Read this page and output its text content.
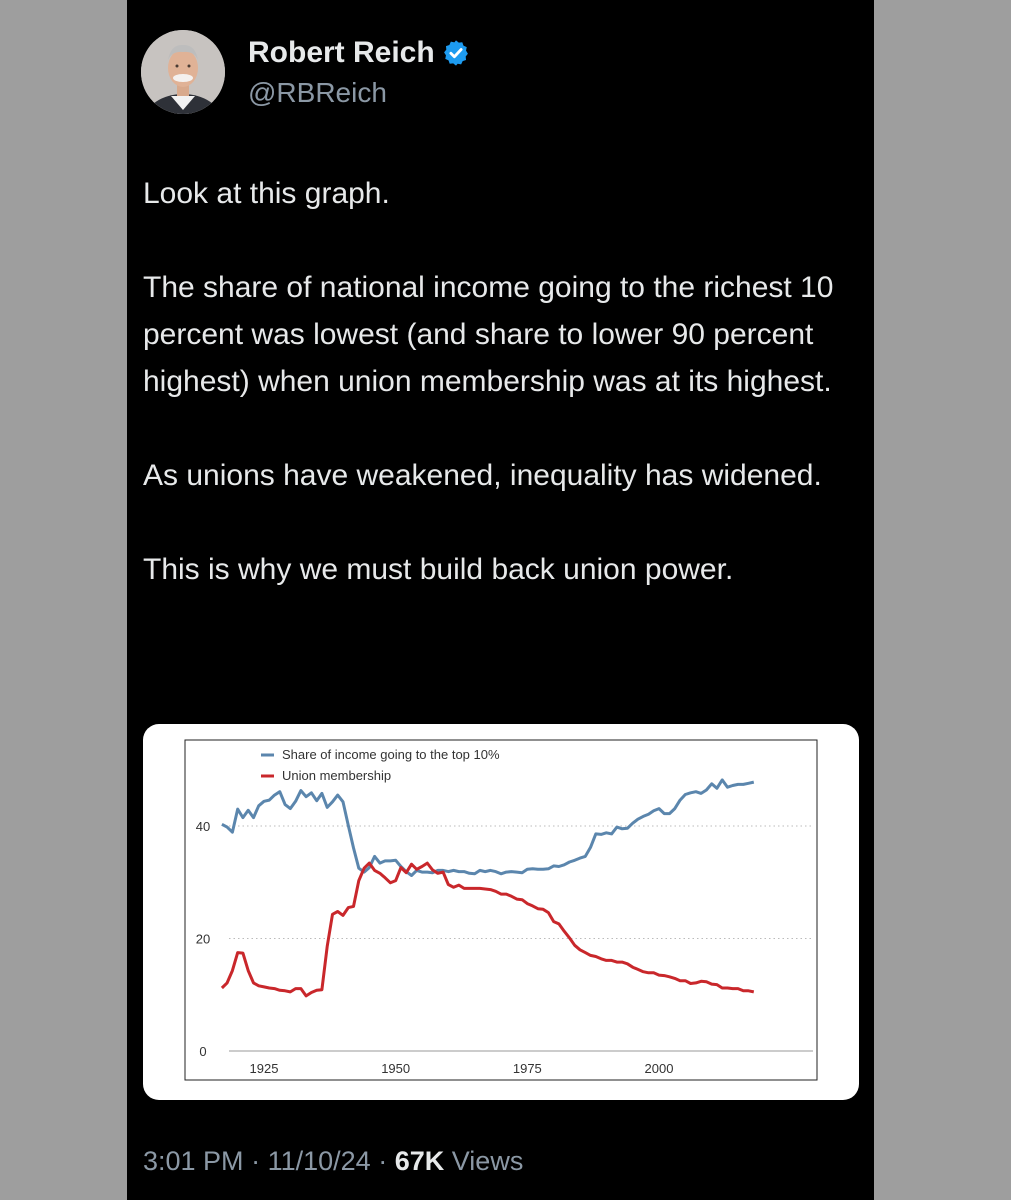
Robert Reich
@RBReich

Look at this graph.

The share of national income going to the richest 10 percent was lowest (and share to lower 90 percent highest) when union membership was at its highest.

As unions have weakened, inequality has widened.

This is why we must build back union power.

0
20
40
1925	1950	1975	2000
Share of income going to the top 10%
Union membership
3:01 PM · 11/10/24 · 67K Views
